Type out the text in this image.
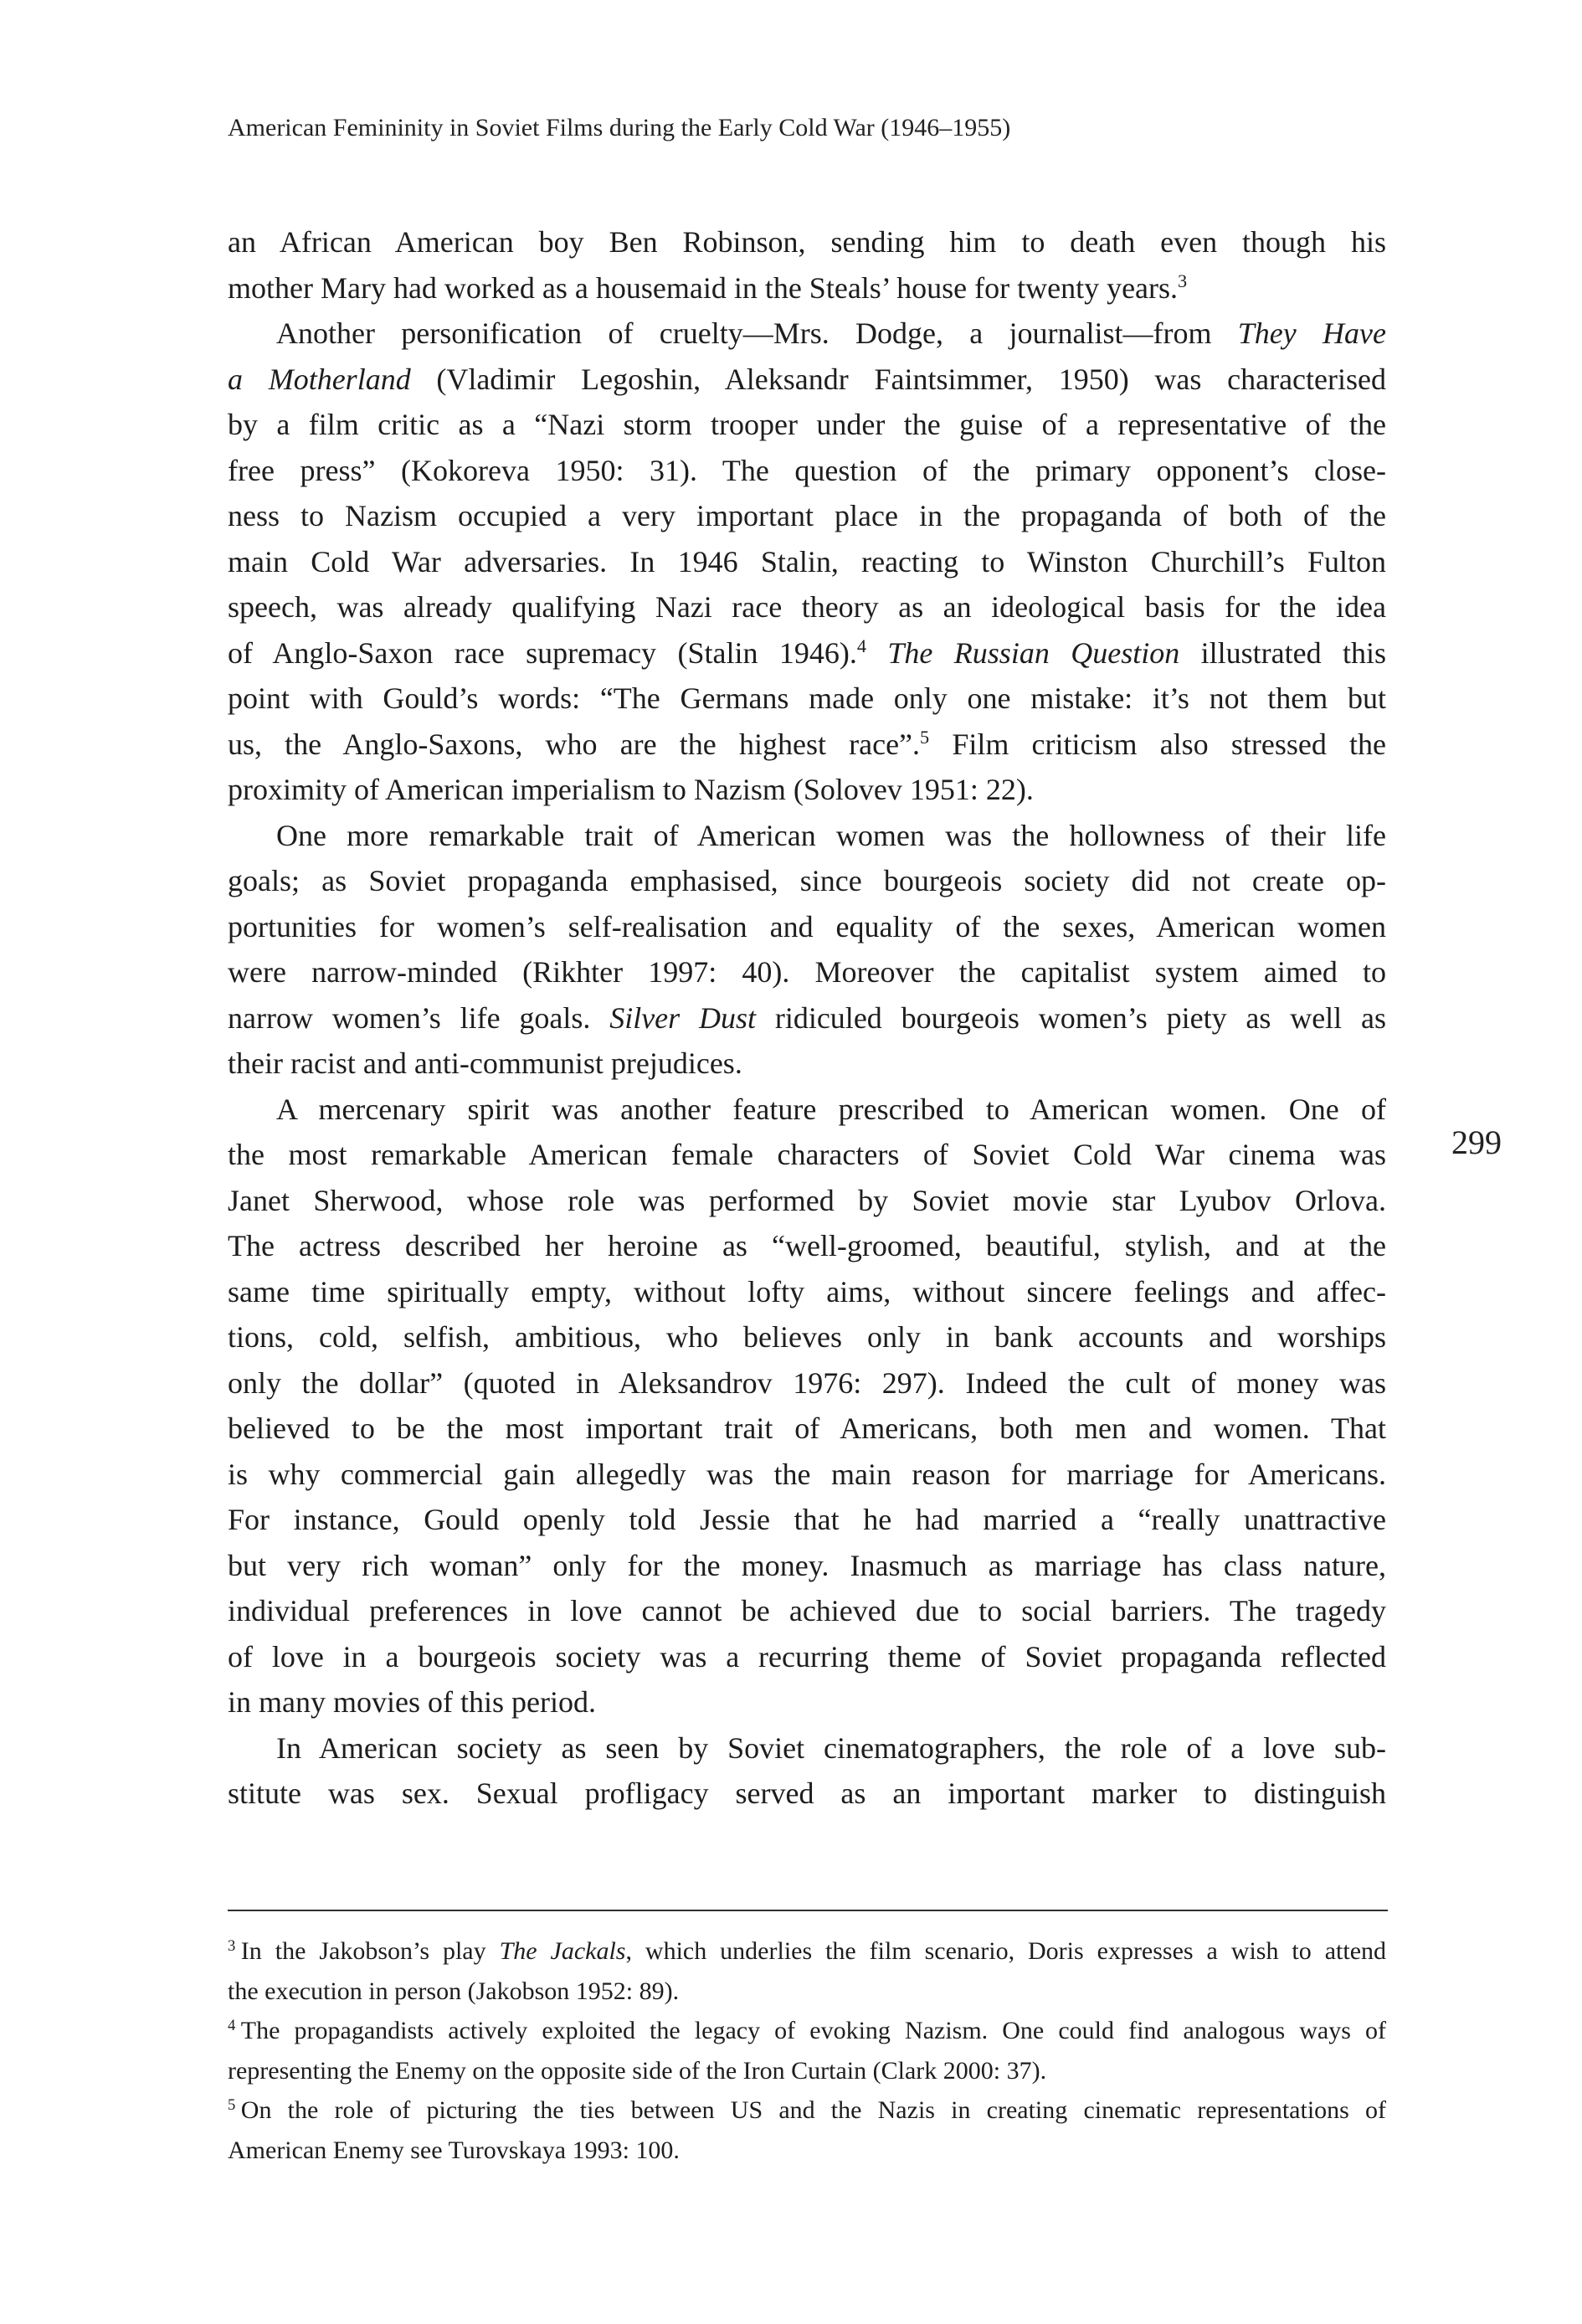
American Femininity in Soviet Films during the Early Cold War (1946–1955)
an African American boy Ben Robinson, sending him to death even though his
mother Mary had worked as a housemaid in the Steals’ house for twenty years.$^3$
Another personification of cruelty—Mrs. Dodge, a journalist—from They Have
a Motherland (Vladimir Legoshin, Aleksandr Faintsimmer, 1950) was characterised
by a film critic as a “Nazi storm trooper under the guise of a representative of the
free press” (Kokoreva 1950: 31). The question of the primary opponent’s close-
ness to Nazism occupied a very important place in the propaganda of both of the
main Cold War adversaries. In 1946 Stalin, reacting to Winston Churchill’s Fulton
speech, was already qualifying Nazi race theory as an ideological basis for the idea
of Anglo-Saxon race supremacy (Stalin 1946).$^4$ The Russian Question illustrated this
point with Gould’s words: “The Germans made only one mistake: it’s not them but
us, the Anglo-Saxons, who are the highest race”.$^5$ Film criticism also stressed the
proximity of American imperialism to Nazism (Solovev 1951: 22).
One more remarkable trait of American women was the hollowness of their life
goals; as Soviet propaganda emphasised, since bourgeois society did not create op-
portunities for women’s self-realisation and equality of the sexes, American women
were narrow-minded (Rikhter 1997: 40). Moreover the capitalist system aimed to
narrow women’s life goals. Silver Dust ridiculed bourgeois women’s piety as well as
their racist and anti-communist prejudices.
A mercenary spirit was another feature prescribed to American women. One of
the most remarkable American female characters of Soviet Cold War cinema was
Janet Sherwood, whose role was performed by Soviet movie star Lyubov Orlova.
The actress described her heroine as “well-groomed, beautiful, stylish, and at the
same time spiritually empty, without lofty aims, without sincere feelings and affec-
tions, cold, selfish, ambitious, who believes only in bank accounts and worships
only the dollar” (quoted in Aleksandrov 1976: 297). Indeed the cult of money was
believed to be the most important trait of Americans, both men and women. That
is why commercial gain allegedly was the main reason for marriage for Americans.
For instance, Gould openly told Jessie that he had married a “really unattractive
but very rich woman” only for the money. Inasmuch as marriage has class nature,
individual preferences in love cannot be achieved due to social barriers. The tragedy
of love in a bourgeois society was a recurring theme of Soviet propaganda reflected
in many movies of this period.
In American society as seen by Soviet cinematographers, the role of a love sub-
stitute was sex. Sexual profligacy served as an important marker to distinguish
299
$^3$ In the Jakobson’s play The Jackals, which underlies the film scenario, Doris expresses a wish to attend
the execution in person (Jakobson 1952: 89).
$^4$ The propagandists actively exploited the legacy of evoking Nazism. One could find analogous ways of
representing the Enemy on the opposite side of the Iron Curtain (Clark 2000: 37).
$^5$ On the role of picturing the ties between US and the Nazis in creating cinematic representations of
American Enemy see Turovskaya 1993: 100.
